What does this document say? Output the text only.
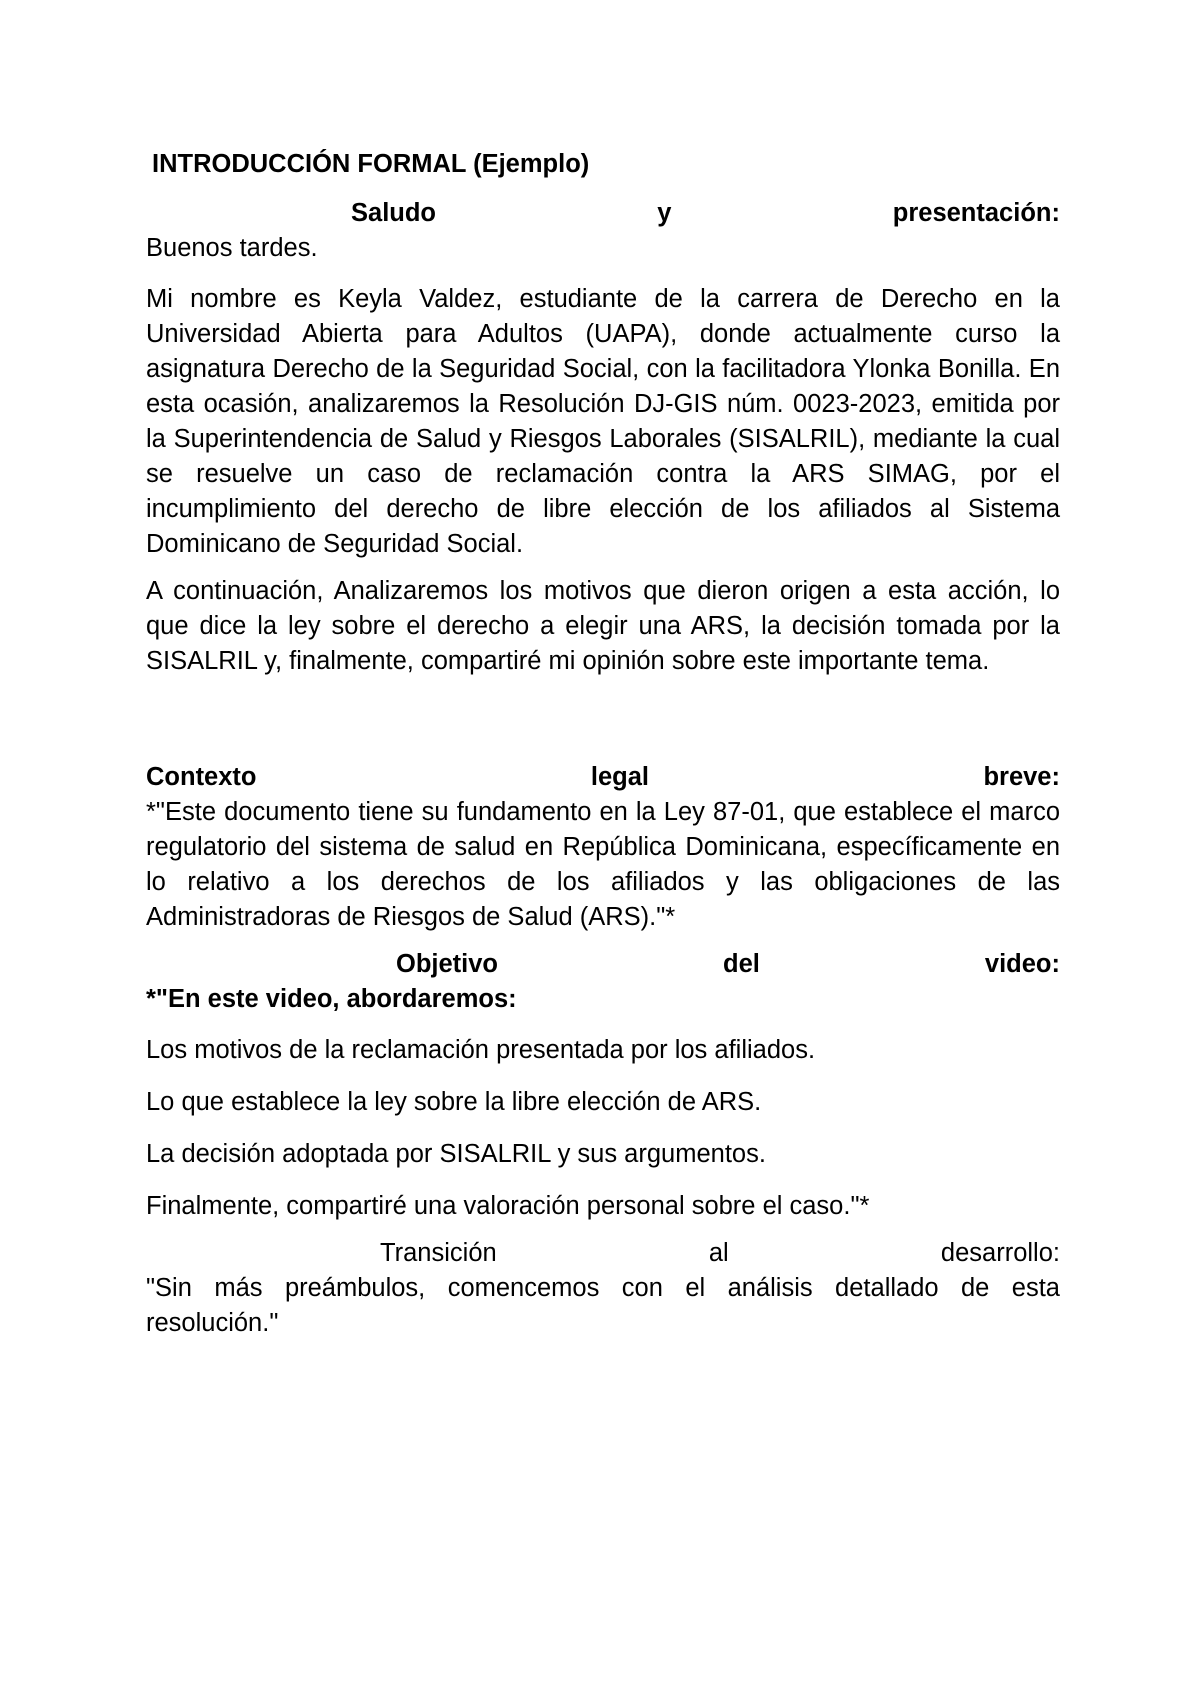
INTRODUCCIÓN FORMAL (Ejemplo)
Saludo	y	presentación:

Buenos tardes.

Mi nombre es Keyla Valdez, estudiante de la carrera de Derecho en la Universidad Abierta para Adultos (UAPA), donde actualmente curso la asignatura Derecho de la Seguridad Social, con la facilitadora Ylonka Bonilla. En esta ocasión, analizaremos la Resolución DJ-GIS núm. 0023-2023, emitida por la Superintendencia de Salud y Riesgos Laborales (SISALRIL), mediante la cual se resuelve un caso de reclamación contra la ARS SIMAG, por el incumplimiento del derecho de libre elección de los afiliados al Sistema Dominicano de Seguridad Social.

A continuación, Analizaremos los motivos que dieron origen a esta acción, lo que dice la ley sobre el derecho a elegir una ARS, la decisión tomada por la SISALRIL y, finalmente, compartiré mi opinión sobre este importante tema.

Contexto	legal	breve:

*"Este documento tiene su fundamento en la Ley 87-01, que establece el marco regulatorio del sistema de salud en República Dominicana, específicamente en lo relativo a los derechos de los afiliados y las obligaciones de las Administradoras de Riesgos de Salud (ARS)."*

Objetivo	del	video:

*"En este video, abordaremos:

Los motivos de la reclamación presentada por los afiliados.

Lo que establece la ley sobre la libre elección de ARS.

La decisión adoptada por SISALRIL y sus argumentos.

Finalmente, compartiré una valoración personal sobre el caso."*

Transición	al	desarrollo:

"Sin más preámbulos, comencemos con el análisis detallado de esta resolución."
